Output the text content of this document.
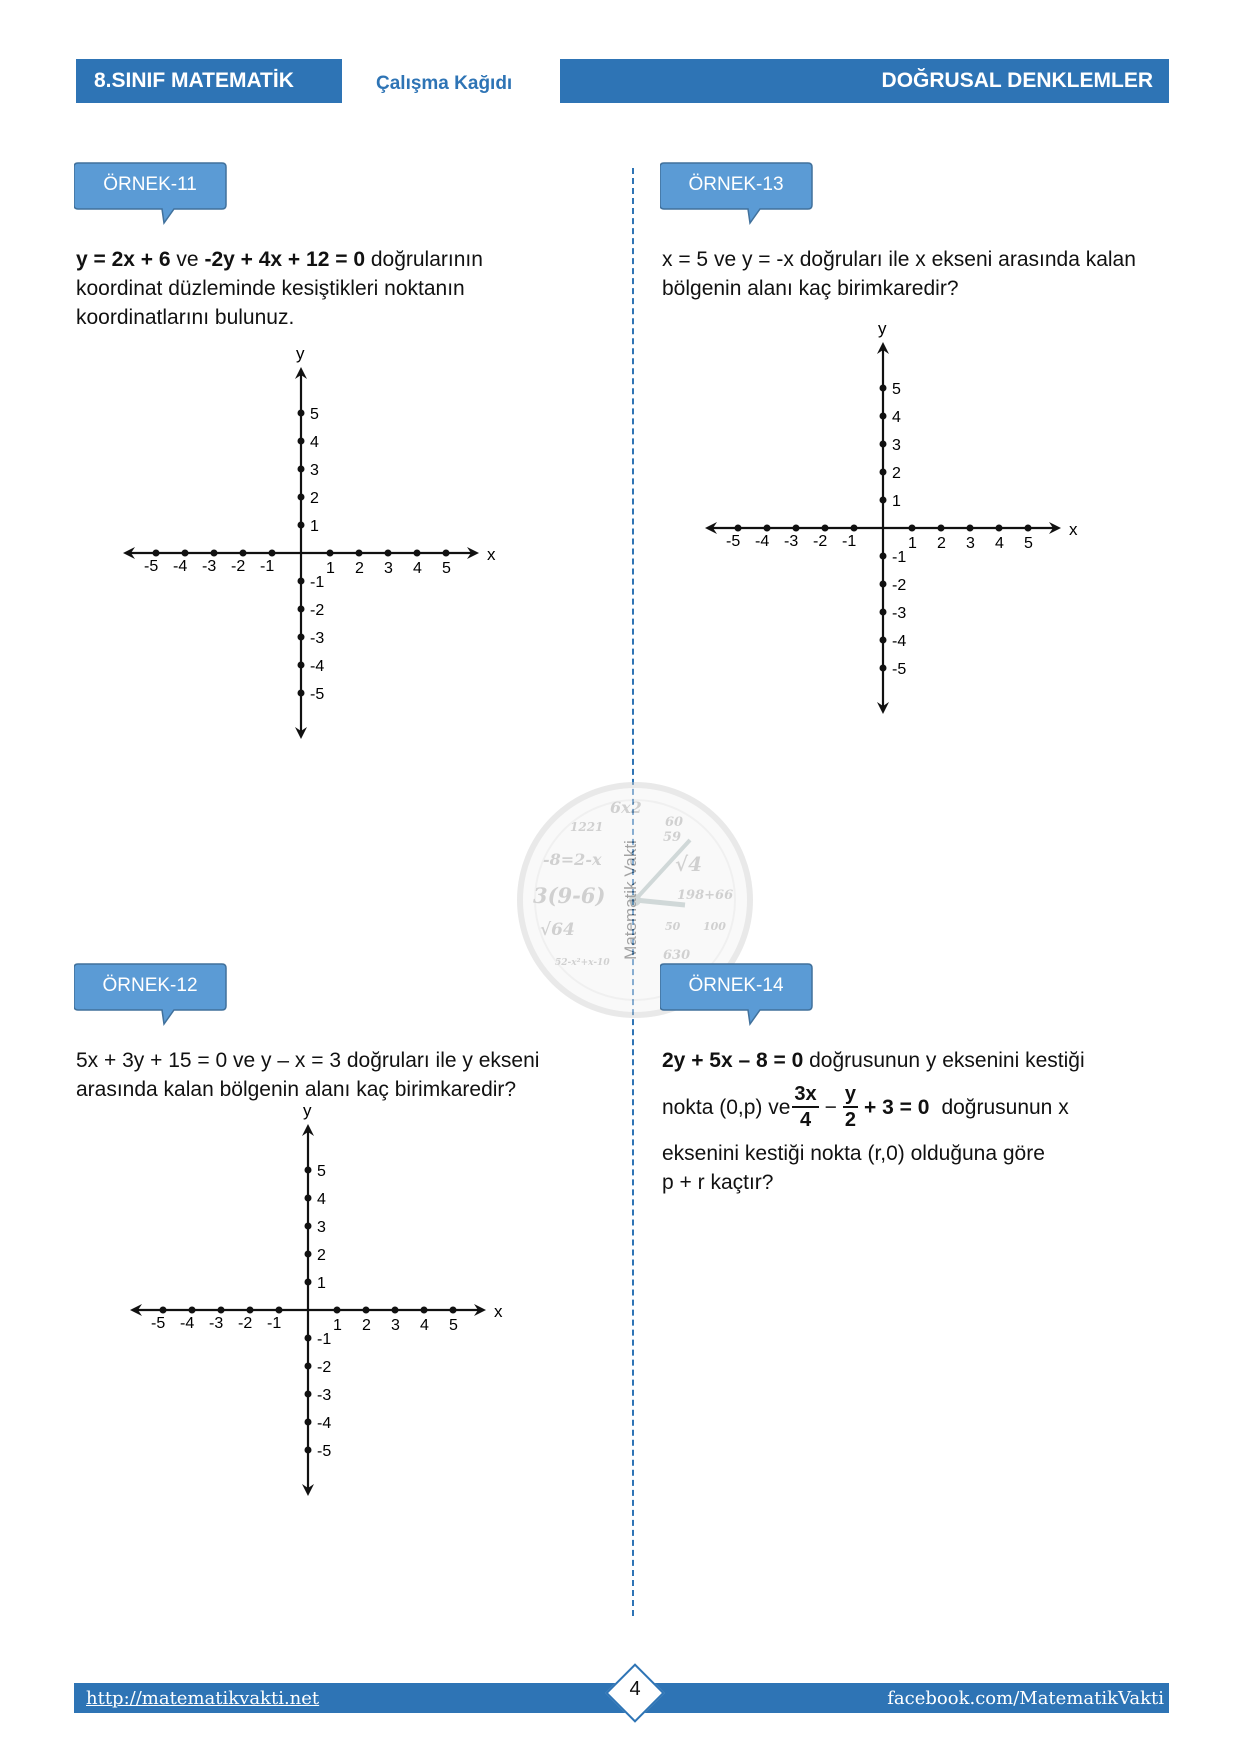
8.SINIF MATEMATİK	Çalışma Kağıdı	DOĞRUSAL DENKLEMLER
6x2
1221	60
59
-8=2-x	√4
3(9-6)	198+66
√64	50 100
630
52-x²+x-10
Matematik Vakti
ÖRNEK-11	ÖRNEK-13
ÖRNEK-12	ÖRNEK-14
y = 2x + 6 ve -2y + 4x + 12 = 0 doğrularının koordinat düzleminde kesiştikleri noktanın koordinatlarını bulunuz.
x = 5 ve y = -x doğruları ile x ekseni arasında kalan bölgenin alanı kaç birimkaredir?
5x + 3y + 15 = 0 ve y – x = 3 doğruları ile y ekseni arasında kalan bölgenin alanı kaç birimkaredir?
2y + 5x – 8 = 0 doğrusunun y eksenini kestiği
nokta (0,p) ve $\frac{3x}{4} - \frac{y}{2} + 3 = 0$ doğrusunun x
eksenini kestiği nokta (r,0) olduğuna göre
p + r kaçtır?
x
y
1
1
-1
-1
2
2
-2
-2
3
3
-3
-3
4
4
-4
-4
5
5
-5
-5
x
y
1
1
-1
-1
2
2
-2
-2
3
3
-3
-3
4
4
-4
-4
5
5
-5
-5
x
y
1
1
-1
-1
2
2
-2
-2
3
3
-3
-3
4
4
-4
-4
5
5
-5
-5
http://matematikvakti.net	facebook.com/MatematikVakti
4
